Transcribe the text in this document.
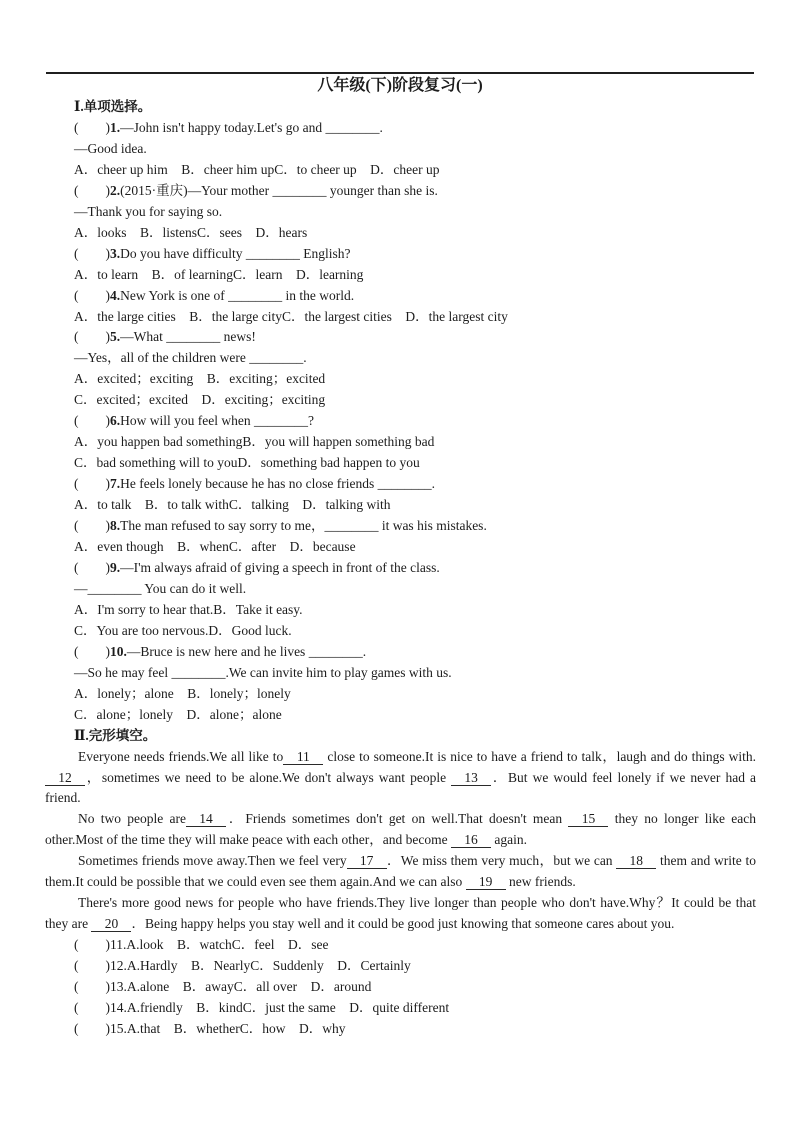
八年级(下)阶段复习(一)
Ⅰ.单项选择。
(　　)1.—John isn't happy today.Let's go and ________.
—Good idea.
A．cheer up him　B．cheer him upC．to cheer up　D．cheer up
(　　)2.(2015·重庆)—Your mother ________ younger than she is.
—Thank you for saying so.
A．looks　B．listensC．sees　D．hears
(　　)3.Do you have difficulty ________ English?
A．to learn　B．of learningC．learn　D．learning
(　　)4.New York is one of ________ in the world.
A．the large cities　B．the large cityC．the largest cities　D．the largest city
(　　)5.—What ________ news!
—Yes，all of the children were ________.
A．excited；exciting　B．exciting；excited
C．excited；excited　D．exciting；exciting
(　　)6.How will you feel when ________?
A．you happen bad somethingB．you will happen something bad
C．bad something will to youD．something bad happen to you
(　　)7.He feels lonely because he has no close friends ________.
A．to talk　B．to talk withC．talking　D．talking with
(　　)8.The man refused to say sorry to me，________ it was his mistakes.
A．even though　B．whenC．after　D．because
(　　)9.—I'm always afraid of giving a speech in front of the class.
—________ You can do it well.
A．I'm sorry to hear that.B．Take it easy.
C．You are too nervous.D．Good luck.
(　　)10.—Bruce is new here and he lives ________.
—So he may feel ________.We can invite him to play games with us.
A．lonely；alone　B．lonely；lonely
C．alone；lonely　D．alone；alone
Ⅱ.完形填空。

Everyone needs friends.We all like to 11 close to someone.It is nice to have a friend to talk，laugh and do things with.12 ，sometimes we need to be alone.We don't always want people 13 ．But we would feel lonely if we never had a friend.

No two people are 14 ．Friends sometimes don't get on well.That doesn't mean 15 they no longer like each other.Most of the time they will make peace with each other，and become 16 again.

Sometimes friends move away.Then we feel very 17 ．We miss them very much，but we can 18 them and write to them.It could be possible that we could even see them again.And we can also 19 new friends.

There's more good news for people who have friends.They live longer than people who don't have.Why？It could be that they are 20 ．Being happy helps you stay well and it could be good just knowing that someone cares about you.

(　　)11.A.look　B．watchC．feel　D．see
(　　)12.A.Hardly　B．NearlyC．Suddenly　D．Certainly
(　　)13.A.alone　B．awayC．all over　D．around
(　　)14.A.friendly　B．kindC．just the same　D．quite different
(　　)15.A.that　B．whetherC．how　D．why
